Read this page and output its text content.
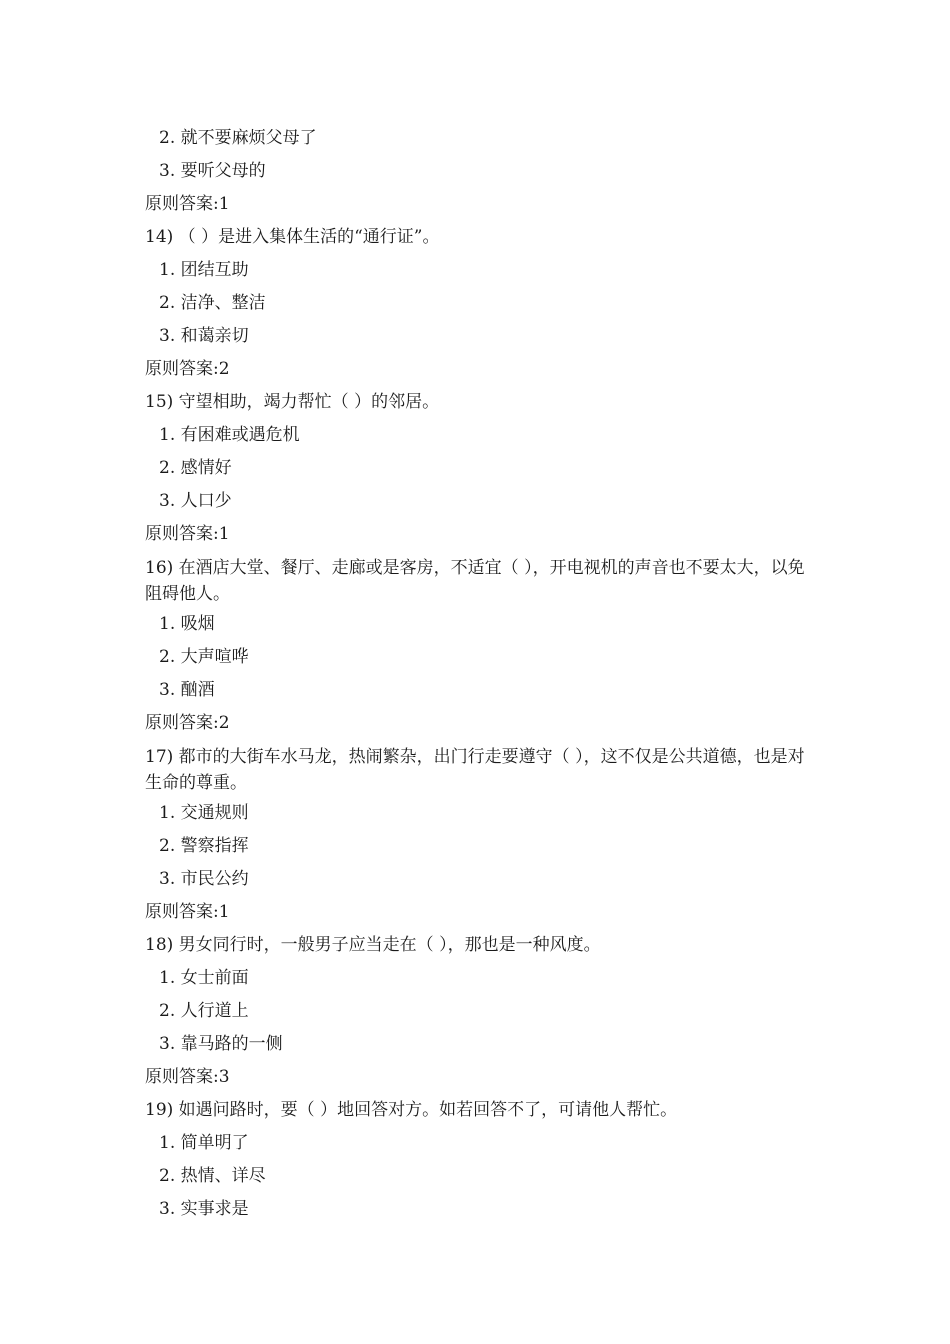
2. 就不要麻烦父母了
3. 要听父母的
原则答案:1
14) （ ）是进入集体生活的“通行证”。
1. 团结互助
2. 洁净、整洁
3. 和蔼亲切
原则答案:2
15) 守望相助，竭力帮忙（ ）的邻居。
1. 有困难或遇危机
2. 感情好
3. 人口少
原则答案:1
16) 在酒店大堂、餐厅、走廊或是客房，不适宜（ ），开电视机的声音也不要太大，以免阻碍他人。
1. 吸烟
2. 大声喧哗
3. 酗酒
原则答案:2
17) 都市的大街车水马龙，热闹繁杂，出门行走要遵守（ ），这不仅是公共道德，也是对生命的尊重。
1. 交通规则
2. 警察指挥
3. 市民公约
原则答案:1
18) 男女同行时，一般男子应当走在（ ），那也是一种风度。
1. 女士前面
2. 人行道上
3. 靠马路的一侧
原则答案:3
19) 如遇问路时，要（ ）地回答对方。如若回答不了，可请他人帮忙。
1. 简单明了
2. 热情、详尽
3. 实事求是
